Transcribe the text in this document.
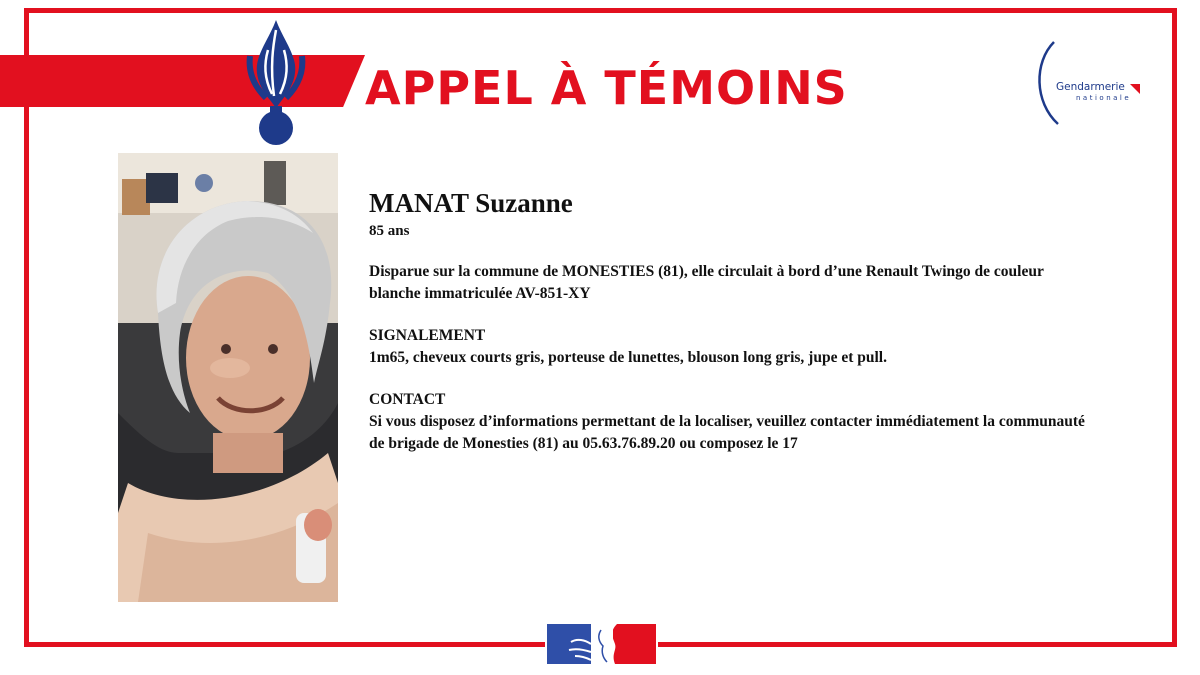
APPEL À TÉMOINS	Gendarmerie
nationale

MANAT Suzanne

85 ans

Disparue sur la commune de MONESTIES (81), elle circulait à bord d’une Renault Twingo de couleur blanche immatriculée AV-851-XY

SIGNALEMENT

1m65, cheveux courts gris, porteuse de lunettes, blouson long gris, jupe et pull.

CONTACT

Si vous disposez d’informations permettant de la localiser, veuillez contacter immédiatement la communauté de brigade de Monesties (81) au 05.63.76.89.20 ou composez le 17
